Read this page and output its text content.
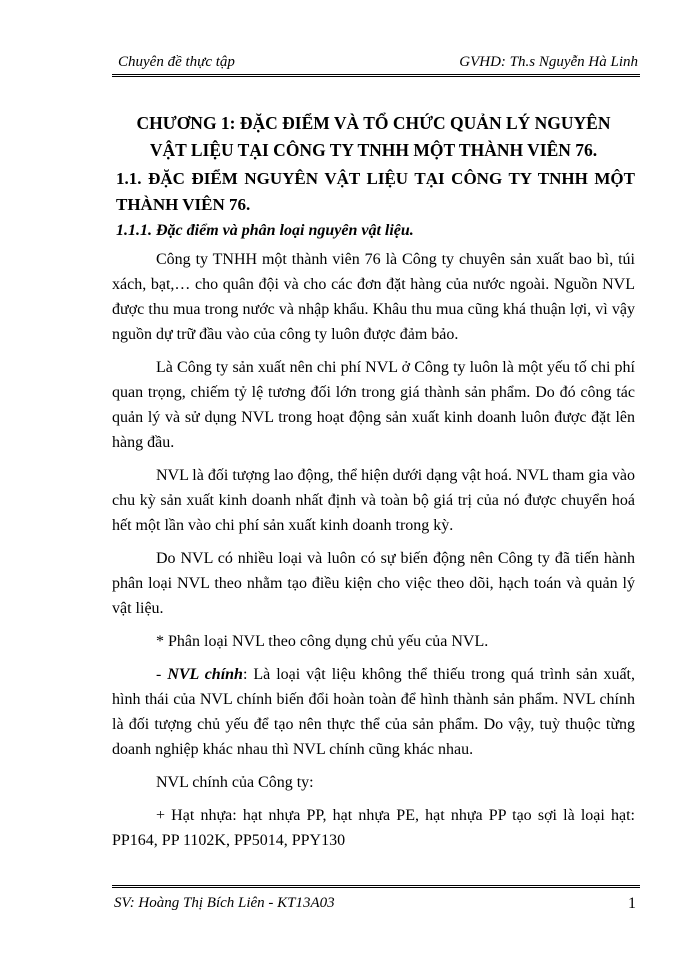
Chuyên đề thực tập	GVHD: Th.s Nguyễn Hà Linh
CHƯƠNG 1: ĐẶC ĐIỂM VÀ TỔ CHỨC QUẢN LÝ NGUYÊN
VẬT LIỆU TẠI CÔNG TY TNHH MỘT THÀNH VIÊN 76.

1.1. ĐẶC ĐIỂM NGUYÊN VẬT LIỆU TẠI CÔNG TY TNHH MỘT THÀNH VIÊN 76.

1.1.1. Đặc điểm và phân loại nguyên vật liệu.

Công ty TNHH một thành viên 76 là Công ty chuyên sản xuất bao bì, túi xách, bạt,… cho quân đội và cho các đơn đặt hàng của nước ngoài. Nguồn NVL được thu mua trong nước và nhập khẩu. Khâu thu mua cũng khá thuận lợi, vì vậy nguồn dự trữ đầu vào của công ty luôn được đảm bảo.

Là Công ty sản xuất nên chi phí NVL ở Công ty luôn là một yếu tố chi phí quan trọng, chiếm tỷ lệ tương đối lớn trong giá thành sản phẩm. Do đó công tác quản lý và sử dụng NVL trong hoạt động sản xuất kinh doanh luôn được đặt lên hàng đầu.

NVL là đối tượng lao động, thể hiện dưới dạng vật hoá. NVL tham gia vào chu kỳ sản xuất kinh doanh nhất định và toàn bộ giá trị của nó được chuyển hoá hết một lần vào chi phí sản xuất kinh doanh trong kỳ.

Do NVL có nhiều loại và luôn có sự biến động nên Công ty đã tiến hành phân loại NVL theo nhằm tạo điều kiện cho việc theo dõi, hạch toán và quản lý vật liệu.

* Phân loại NVL theo công dụng chủ yếu của NVL.

- NVL chính: Là loại vật liệu không thể thiếu trong quá trình sản xuất, hình thái của NVL chính biến đổi hoàn toàn để hình thành sản phẩm. NVL chính là đối tượng chủ yếu để tạo nên thực thể của sản phẩm. Do vậy, tuỳ thuộc từng doanh nghiệp khác nhau thì NVL chính cũng khác nhau.

NVL chính của Công ty:

+ Hạt nhựa: hạt nhựa PP, hạt nhựa PE, hạt nhựa PP tạo sợi là loại hạt: PP164, PP 1102K, PP5014, PPY130

SV: Hoàng Thị Bích Liên - KT13A03	1
